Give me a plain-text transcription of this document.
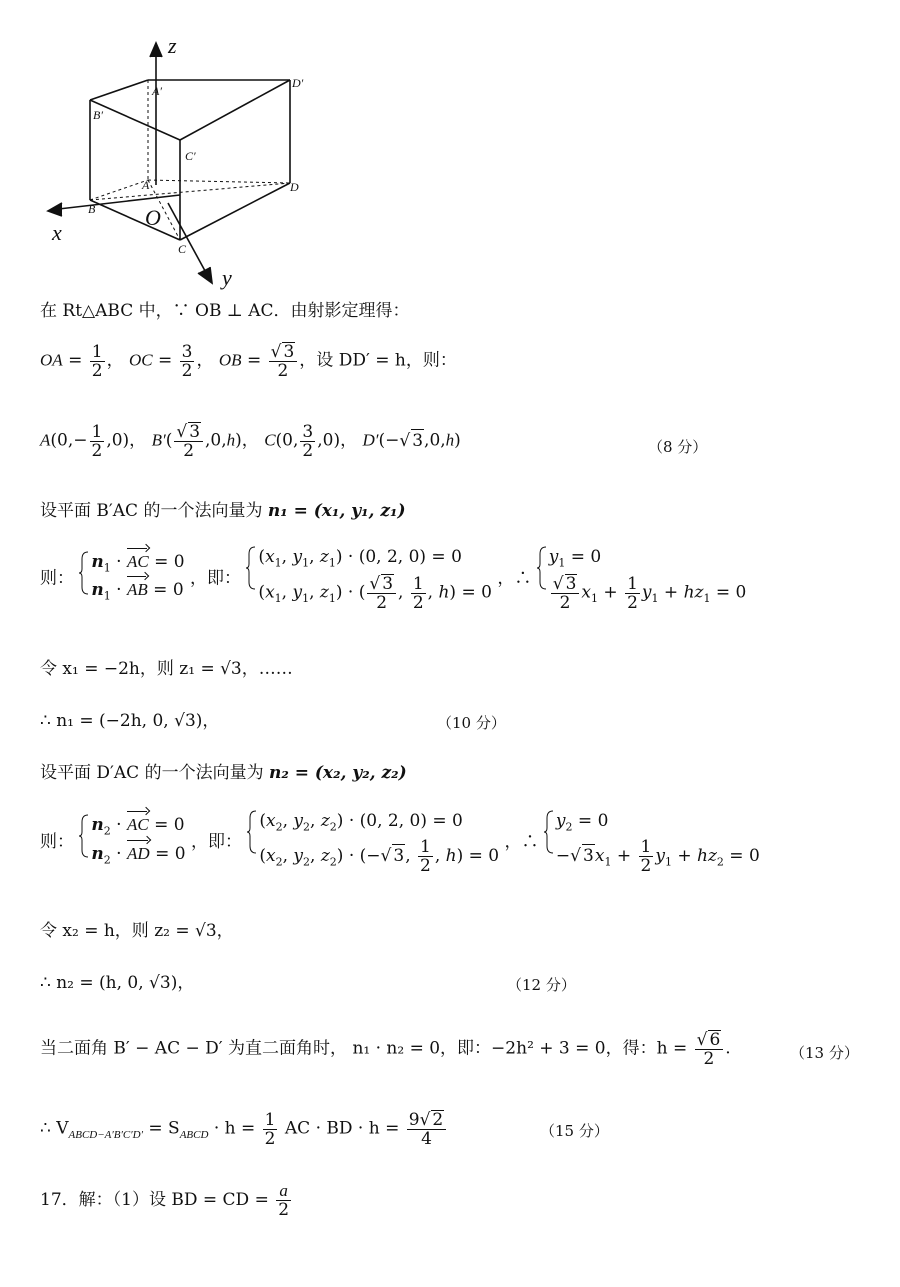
z
x
y
O
A
B
C
D
A′
B′
C′
D′
在 Rt△ABC 中，∵ OB ⊥ AC．由射影定理得：
OA = $\frac{1}{2}$ ， OC = $\frac{3}{2}$ ， OB = √ $\frac{3}{2}$ ，设 DD′ = h，则：
$A(0,- \frac{1}{2} ,0)$， B′( √ $\frac{3}{2} ,0,h$)， C(0, $\frac{3}{2} ,0$)， D′(− √ 3,0,h)	（8 分）
设平面 B′AC 的一个法向量为 n₁ = (x₁, y₁, z₁)
则：
$n_1$ · AC = 0
$n_1$ · AB = 0
，即：
($x_1$, $y_1$, $z_1) \cdot (0$, 2, 0) = 0
($x_1$, $y_1$, $z_1$) · ( √ $\frac{3}{2}$ , $\frac{1}{2}$ , h) = 0
，∴
$y_1 = 0$
√ $\frac{3}{2} x_1 + \frac{1}{2} y_1 + hz_1 = 0$
令 x₁ = −2h，则 z₁ = √3，……
∴ n₁ = (−2h, 0, √3)，	（10 分）
设平面 D′AC 的一个法向量为 n₂ = (x₂, y₂, z₂)
则：
$n_2$ · AC = 0
$n_2$ · AD = 0
，即：
($x_2$, $y_2$, $z_2) \cdot (0$, 2, 0) = 0
($x_2$, $y_2$, $z_2$) · (− √ 3, $\frac{1}{2}$ , h) = 0
，∴
$y_2 = 0$
− √ $3x_1 + \frac{1}{2} y_1 + hz_2 = 0$
令 x₂ = h，则 z₂ = √3，
∴ n₂ = (h, 0, √3)，	（12 分）
当二面角 B′ − AC − D′ 为直二面角时， n₁ · n₂ = 0，即：−2h² + 3 = 0，得：h = √ $\frac{6}{2}$ .	（13 分）
∴ $V_{ABCD-A'B'C'D'} = S_{ABCD} \cdot h = \frac{1}{2}$ AC · BD · $h = \frac{9 √ 2}{4}$	（15 分）
17．解：（1）设 BD = CD = $\frac{a}{2}$
